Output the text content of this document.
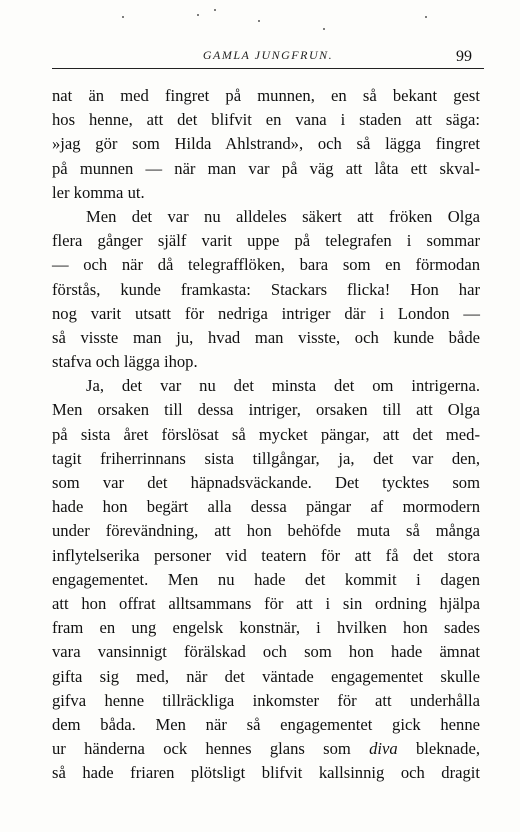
GAMLA JUNGFRUN.	99
nat än med fingret på munnen, en så bekant gest
hos henne, att det blifvit en vana i staden att säga:
»jag gör som Hilda Ahlstrand», och så lägga fingret
på munnen — när man var på väg att låta ett skval-
ler komma ut.
Men det var nu alldeles säkert att fröken Olga
flera gånger själf varit uppe på telegrafen i sommar
— och när då telegrafflöken, bara som en förmodan
förstås, kunde framkasta: Stackars flicka! Hon har
nog varit utsatt för nedriga intriger där i London —
så visste man ju, hvad man visste, och kunde både
stafva och lägga ihop.
Ja, det var nu det minsta det om intrigerna.
Men orsaken till dessa intriger, orsaken till att Olga
på sista året förslösat så mycket pängar, att det med-
tagit friherrinnans sista tillgångar, ja, det var den,
som var det häpnadsväckande. Det tycktes som
hade hon begärt alla dessa pängar af mormodern
under förevändning, att hon behöfde muta så många
inflytelserika personer vid teatern för att få det stora
engagementet. Men nu hade det kommit i dagen
att hon offrat alltsammans för att i sin ordning hjälpa
fram en ung engelsk konstnär, i hvilken hon sades
vara vansinnigt förälskad och som hon hade ämnat
gifta sig med, när det väntade engagementet skulle
gifva henne tillräckliga inkomster för att underhålla
dem båda. Men när så engagementet gick henne
ur händerna ock hennes glans som diva bleknade,
så hade friaren plötsligt blifvit kallsinnig och dragit
